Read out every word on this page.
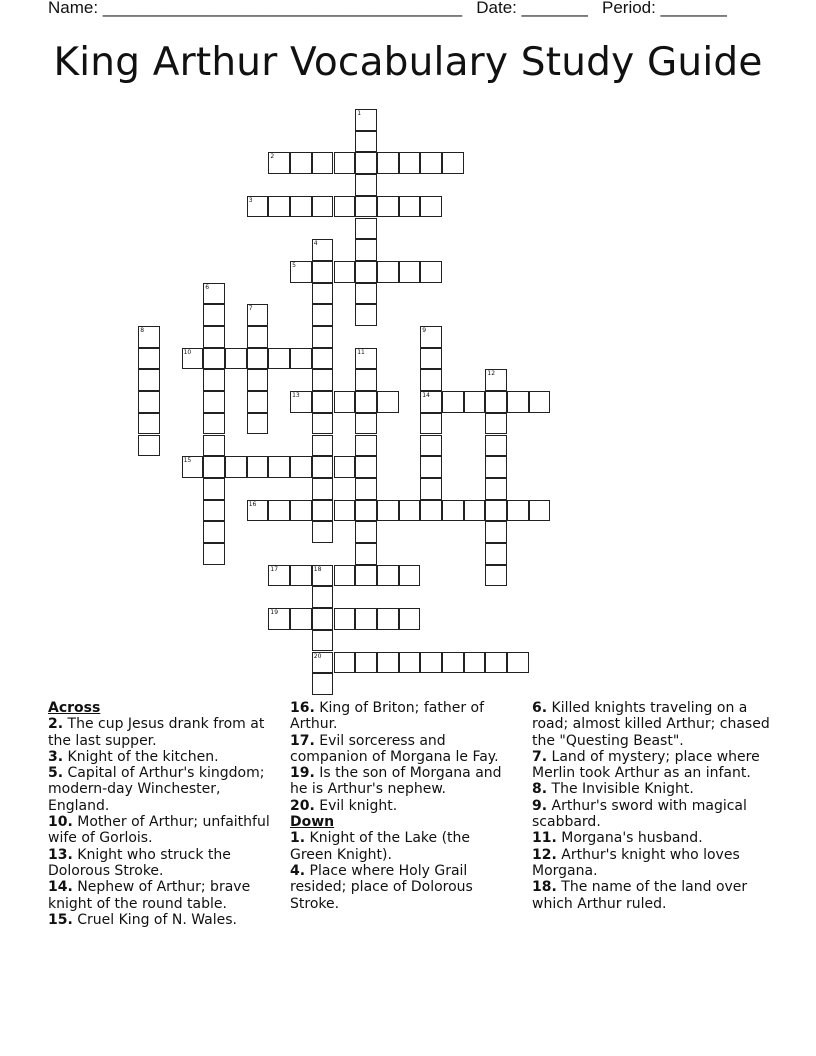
Name: ______________________________________ Date: _______ Period: _______
King Arthur Vocabulary Study Guide
1
2
3
4
5
6
7
8	9
14
10	11
12
13
15
16
17	18
20
19
Across

2. The cup Jesus drank from at the last supper.

3. Knight of the kitchen.

5. Capital of Arthur's kingdom; modern-day Winchester, England.

10. Mother of Arthur; unfaithful wife of Gorlois.

13. Knight who struck the Dolorous Stroke.

14. Nephew of Arthur; brave knight of the round table.

15. Cruel King of N. Wales.

16. King of Briton; father of Arthur.

17. Evil sorceress and companion of Morgana le Fay.

19. Is the son of Morgana and he is Arthur's nephew.

20. Evil knight.

Down

1. Knight of the Lake (the Green Knight).

4. Place where Holy Grail resided; place of Dolorous Stroke.

6. Killed knights traveling on a road; almost killed Arthur; chased the "Questing Beast".

7. Land of mystery; place where Merlin took Arthur as an infant.

8. The Invisible Knight.

9. Arthur's sword with magical scabbard.

11. Morgana's husband.

12. Arthur's knight who loves Morgana.

18. The name of the land over which Arthur ruled.
